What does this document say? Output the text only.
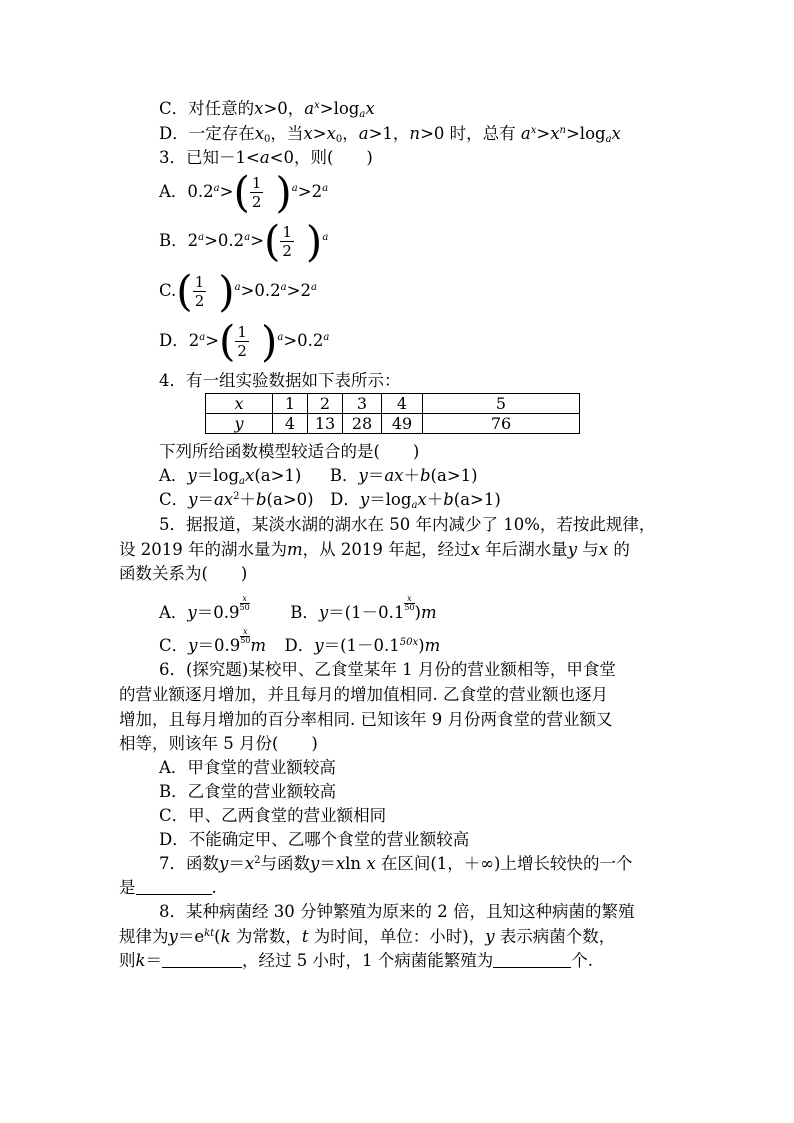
C．对任意的x>0，$a^x>\log_ax$
D．一定存在$x_0$，当$x>x_0$，a>1，n>0 时，总有 $a^x>x^n>\log_ax$
3．已知－1<a<0，则(　　)
A．$0.2^a>( \frac{1}{2} )^a>2^a$
B．$2^a>0.2^a>( \frac{1}{2} )^a$
$C.( \frac{1}{2} )^a>0.2^a>2^a$
D．$2^a>( \frac{1}{2} )^a>0.2^a$
4．有一组实验数据如下表所示：
x	1	2	3	4	5
y	4	13	28	49	76
下列所给函数模型较适合的是(　　)
A．$y=\log_ax(a>1)$ B．y＝ax＋b(a>1)
C．$y=ax^2+b(a>0)$ D．$y=\log_ax+b(a>1)$
5．据报道，某淡水湖的湖水在 50 年内减少了 10%，若按此规律，
设 2019 年的湖水量为m，从 2019 年起，经过x 年后湖水量y 与x 的
函数关系为(　　)
A．$y=0.9 \frac{x}{50}$ B．$y=(1-0.1 \frac{x}{50} )m$
C．$y=0.9 \frac{x}{50}$ m D．$y=(1-0.1^{50x})m$
6．(探究题)某校甲、乙食堂某年 1 月份的营业额相等，甲食堂
的营业额逐月增加，并且每月的增加值相同. 乙食堂的营业额也逐月
增加，且每月增加的百分率相同. 已知该年 9 月份两食堂的营业额又
相等，则该年 5 月份(　　)
A．甲食堂的营业额较高
B．乙食堂的营业额较高
C．甲、乙两食堂的营业额相同
D．不能确定甲、乙哪个食堂的营业额较高
7．函数$y=x^2$与函数y＝xln x 在区间(1，＋∞)上增长较快的一个
是	.
8．某种病菌经 30 分钟繁殖为原来的 2 倍，且知这种病菌的繁殖
规律为$y=e^{kt}(k$ 为常数，t 为时间，单位：小时)，y 表示病菌个数，
则k＝	，经过 5 小时，1 个病菌能繁殖为	个.
